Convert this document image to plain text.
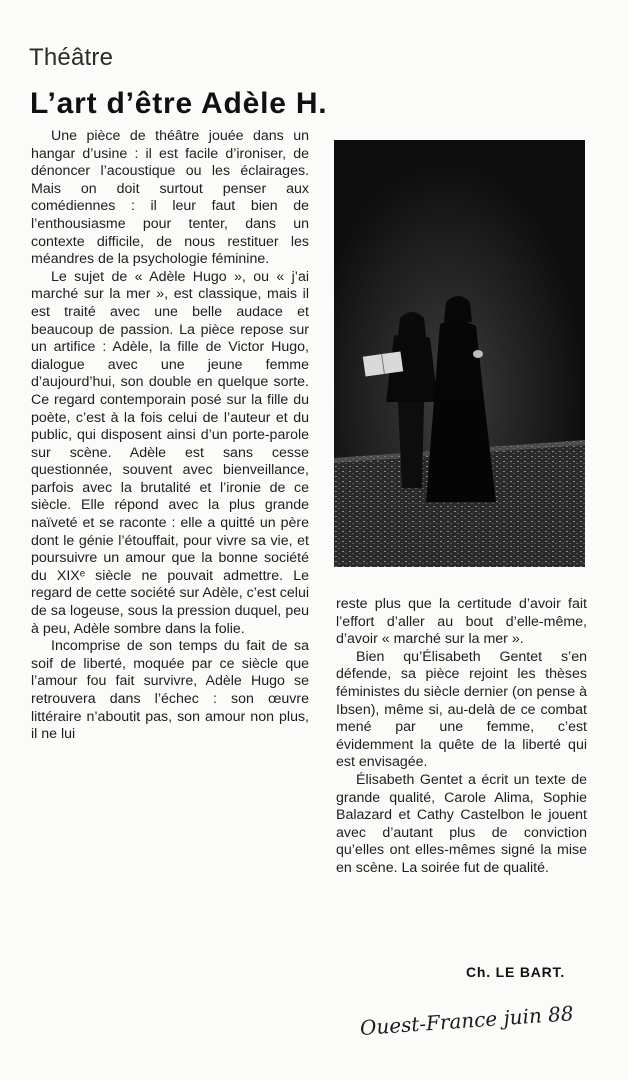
Théâtre
L’art d’être Adèle H.

Une pièce de théâtre jouée dans un hangar d’usine : il est facile d’ironiser, de dénoncer l’acoustique ou les éclairages. Mais on doit surtout penser aux comédiennes : il leur faut bien de l’enthousiasme pour tenter, dans un contexte difficile, de nous restituer les méandres de la psychologie féminine.

Le sujet de « Adèle Hugo », ou « j’ai marché sur la mer », est classique, mais il est traité avec une belle audace et beaucoup de passion. La pièce repose sur un artifice : Adèle, la fille de Victor Hugo, dialogue avec une jeune femme d’aujourd’hui, son double en quelque sorte. Ce regard contemporain posé sur la fille du poète, c’est à la fois celui de l’auteur et du public, qui disposent ainsi d’un porte-parole sur scène. Adèle est sans cesse questionnée, souvent avec bienveillance, parfois avec la brutalité et l’ironie de ce siècle. Elle répond avec la plus grande naïveté et se raconte : elle a quitté un père dont le génie l’étouffait, pour vivre sa vie, et poursuivre un amour que la bonne société du XIXᵉ siècle ne pouvait admettre. Le regard de cette société sur Adèle, c’est celui de sa logeuse, sous la pression duquel, peu à peu, Adèle sombre dans la folie.

Incomprise de son temps du fait de sa soif de liberté, moquée par ce siècle que l’amour fou fait survivre, Adèle Hugo se retrouvera dans l’échec : son œuvre littéraire n’aboutit pas, son amour non plus, il ne lui

reste plus que la certitude d’avoir fait l’effort d’aller au bout d’elle-même, d’avoir « marché sur la mer ».

Bien qu’Élisabeth Gentet s’en défende, sa pièce rejoint les thèses féministes du siècle dernier (on pense à Ibsen), même si, au-delà de ce combat mené par une femme, c’est évidemment la quête de la liberté qui est envisagée.

Élisabeth Gentet a écrit un texte de grande qualité, Carole Alima, Sophie Balazard et Cathy Castelbon le jouent avec d’autant plus de conviction qu’elles ont elles-mêmes signé la mise en scène. La soirée fut de qualité.

Ch. LE BART.
Ouest-France juin 88
